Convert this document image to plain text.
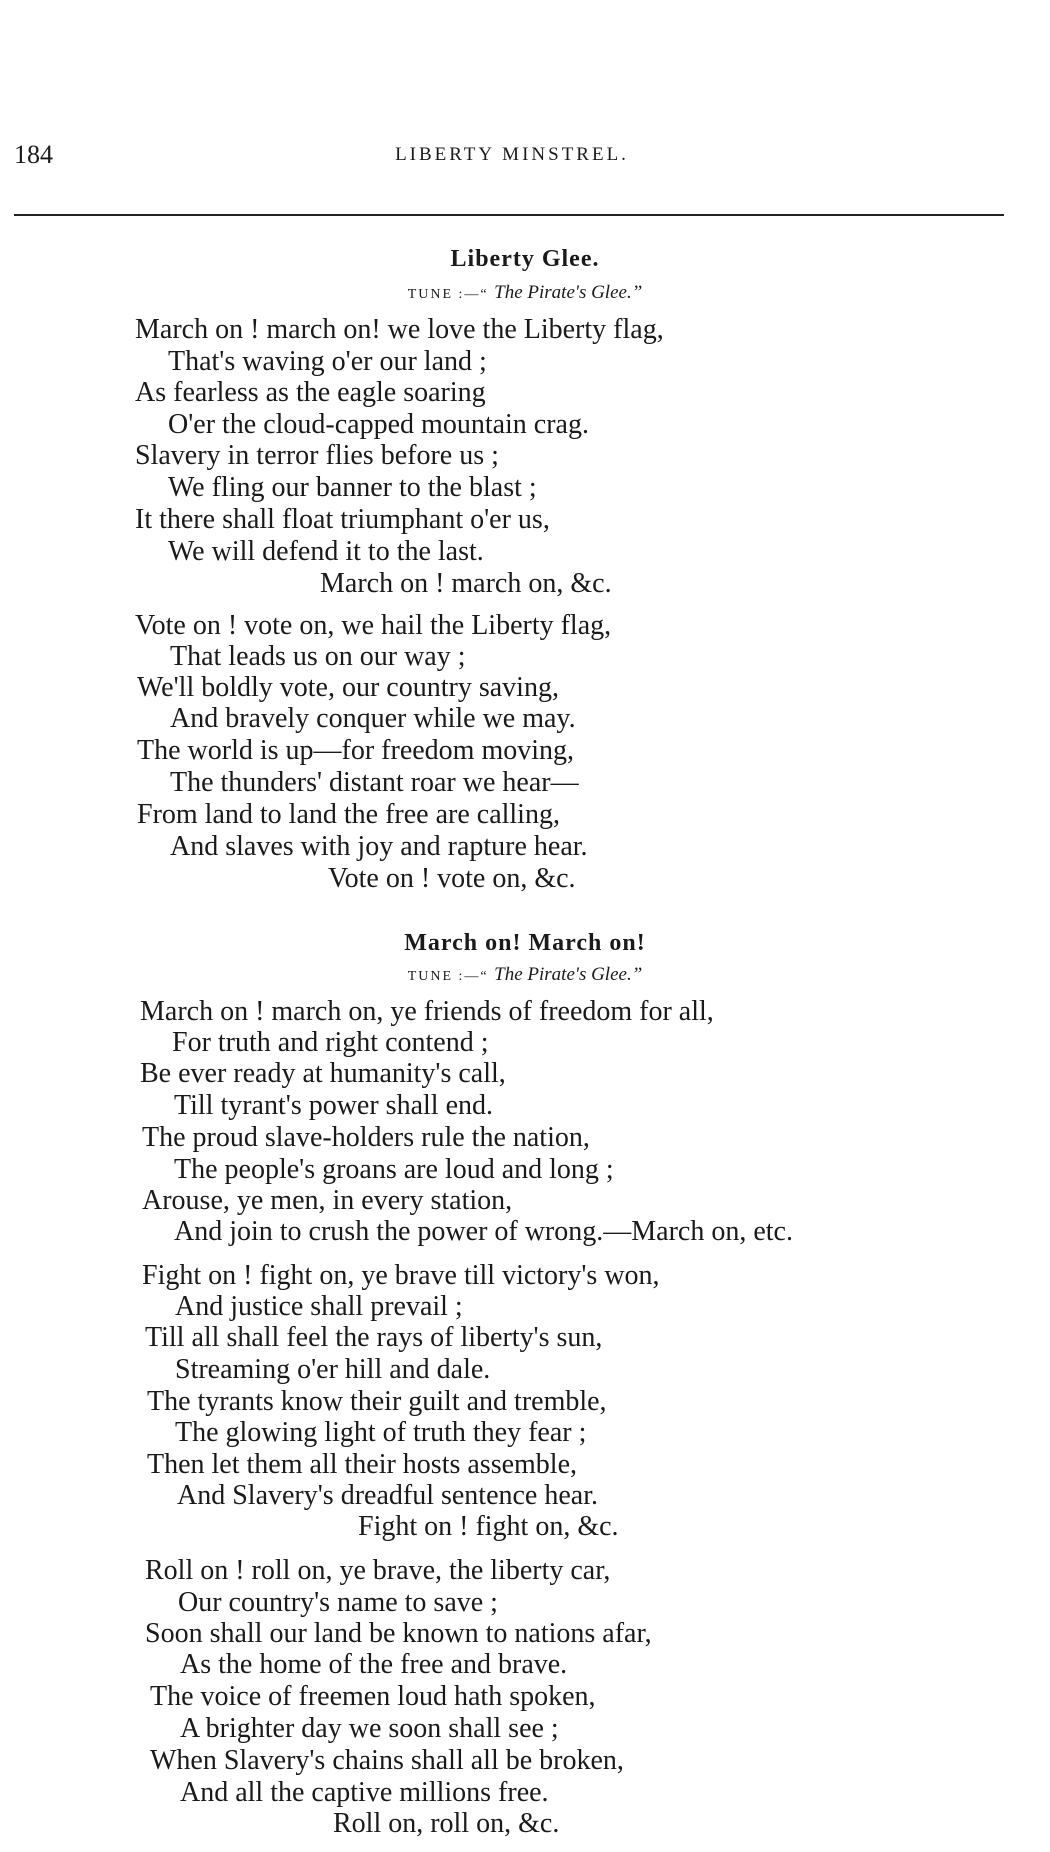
184	LIBERTY MINSTREL.
Liberty Glee.
TUNE :—“ The Pirate's Glee.”
March on ! march on! we love the Liberty flag,
That's waving o'er our land ;
As fearless as the eagle soaring
O'er the cloud-capped mountain crag.
Slavery in terror flies before us ;
We fling our banner to the blast ;
It there shall float triumphant o'er us,
We will defend it to the last.
March on ! march on, &c.
Vote on ! vote on, we hail the Liberty flag,
That leads us on our way ;
We'll boldly vote, our country saving,
And bravely conquer while we may.
The world is up—for freedom moving,
The thunders' distant roar we hear—
From land to land the free are calling,
And slaves with joy and rapture hear.
Vote on ! vote on, &c.
March on! March on!
TUNE :—“ The Pirate's Glee.”
March on ! march on, ye friends of freedom for all,
For truth and right contend ;
Be ever ready at humanity's call,
Till tyrant's power shall end.
The proud slave-holders rule the nation,
The people's groans are loud and long ;
Arouse, ye men, in every station,
And join to crush the power of wrong.—March on, etc.
Fight on ! fight on, ye brave till victory's won,
And justice shall prevail ;
Till all shall feel the rays of liberty's sun,
Streaming o'er hill and dale.
The tyrants know their guilt and tremble,
The glowing light of truth they fear ;
Then let them all their hosts assemble,
And Slavery's dreadful sentence hear.
Fight on ! fight on, &c.
Roll on ! roll on, ye brave, the liberty car,
Our country's name to save ;
Soon shall our land be known to nations afar,
As the home of the free and brave.
The voice of freemen loud hath spoken,
A brighter day we soon shall see ;
When Slavery's chains shall all be broken,
And all the captive millions free.
Roll on, roll on, &c.
